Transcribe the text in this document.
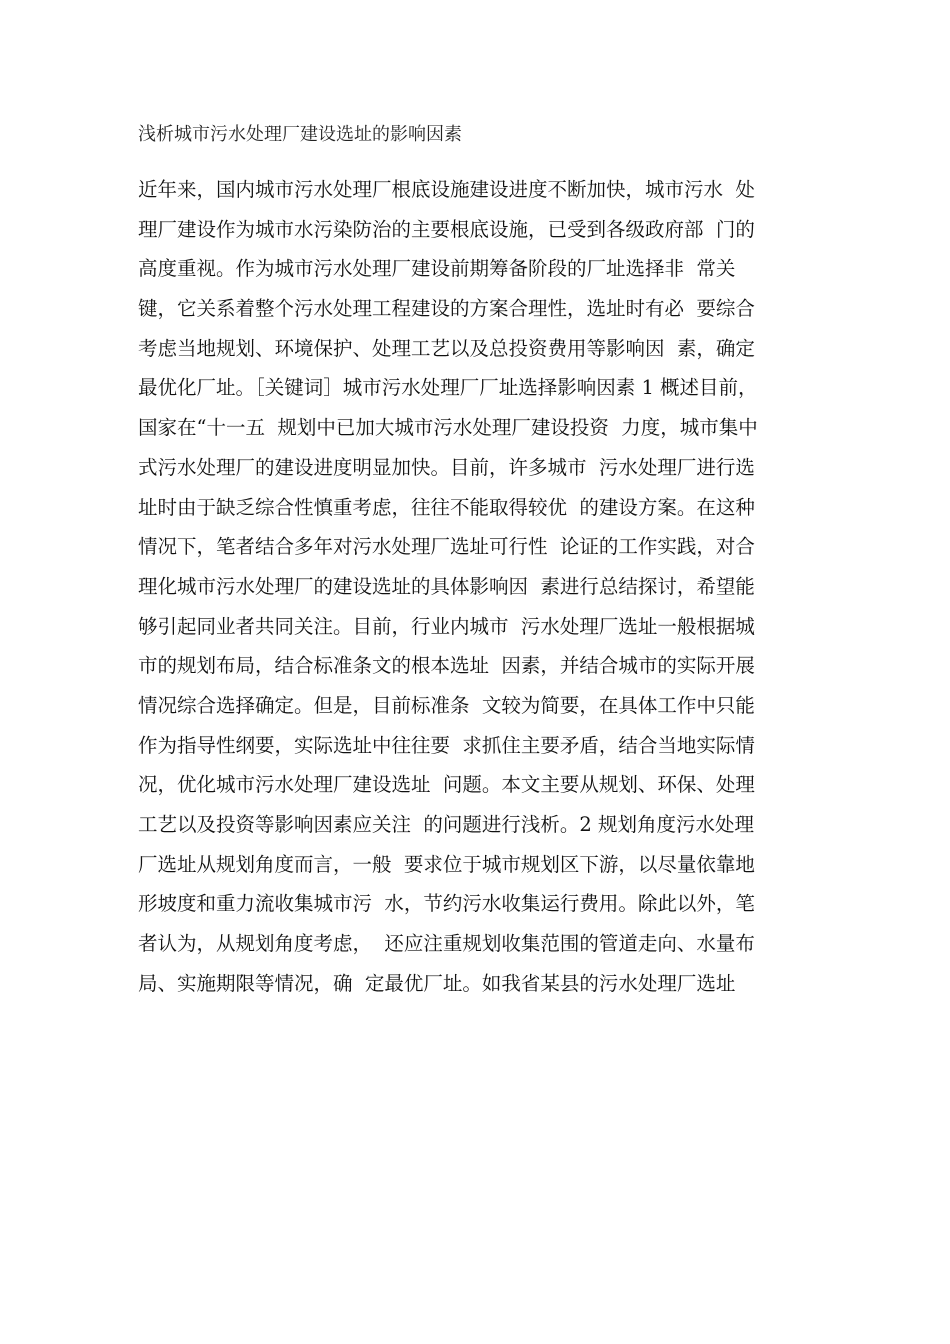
浅析城市污水处理厂建设选址的影响因素
近年来，国内城市污水处理厂根底设施建设进度不断加快，城市污水  处
理厂建设作为城市水污染防治的主要根底设施，已受到各级政府部  门的
高度重视。作为城市污水处理厂建设前期筹备阶段的厂址选择非  常关
键，它关系着整个污水处理工程建设的方案合理性，选址时有必  要综合
考虑当地规划、环境保护、处理工艺以及总投资费用等影响因  素，确定
最优化厂址。［关键词］城市污水处理厂厂址选择影响因素 1 概述目前，
国家在“十一五  规划中已加大城市污水处理厂建设投资  力度，城市集中
式污水处理厂的建设进度明显加快。目前，许多城市  污水处理厂进行选
址时由于缺乏综合性慎重考虑，往往不能取得较优  的建设方案。在这种
情况下，笔者结合多年对污水处理厂选址可行性  论证的工作实践，对合
理化城市污水处理厂的建设选址的具体影响因  素进行总结探讨，希望能
够引起同业者共同关注。目前，行业内城市  污水处理厂选址一般根据城
市的规划布局，结合标准条文的根本选址  因素，并结合城市的实际开展
情况综合选择确定。但是，目前标准条  文较为简要，在具体工作中只能
作为指导性纲要，实际选址中往往要  求抓住主要矛盾，结合当地实际情
况，优化城市污水处理厂建设选址  问题。本文主要从规划、环保、处理
工艺以及投资等影响因素应关注  的问题进行浅析。2 规划角度污水处理
厂选址从规划角度而言，一般  要求位于城市规划区下游，以尽量依靠地
形坡度和重力流收集城市污  水，节约污水收集运行费用。除此以外，笔
者认为，从规划角度考虑，  还应注重规划收集范围的管道走向、水量布
局、实施期限等情况，确  定最优厂址。如我省某县的污水处理厂选址
